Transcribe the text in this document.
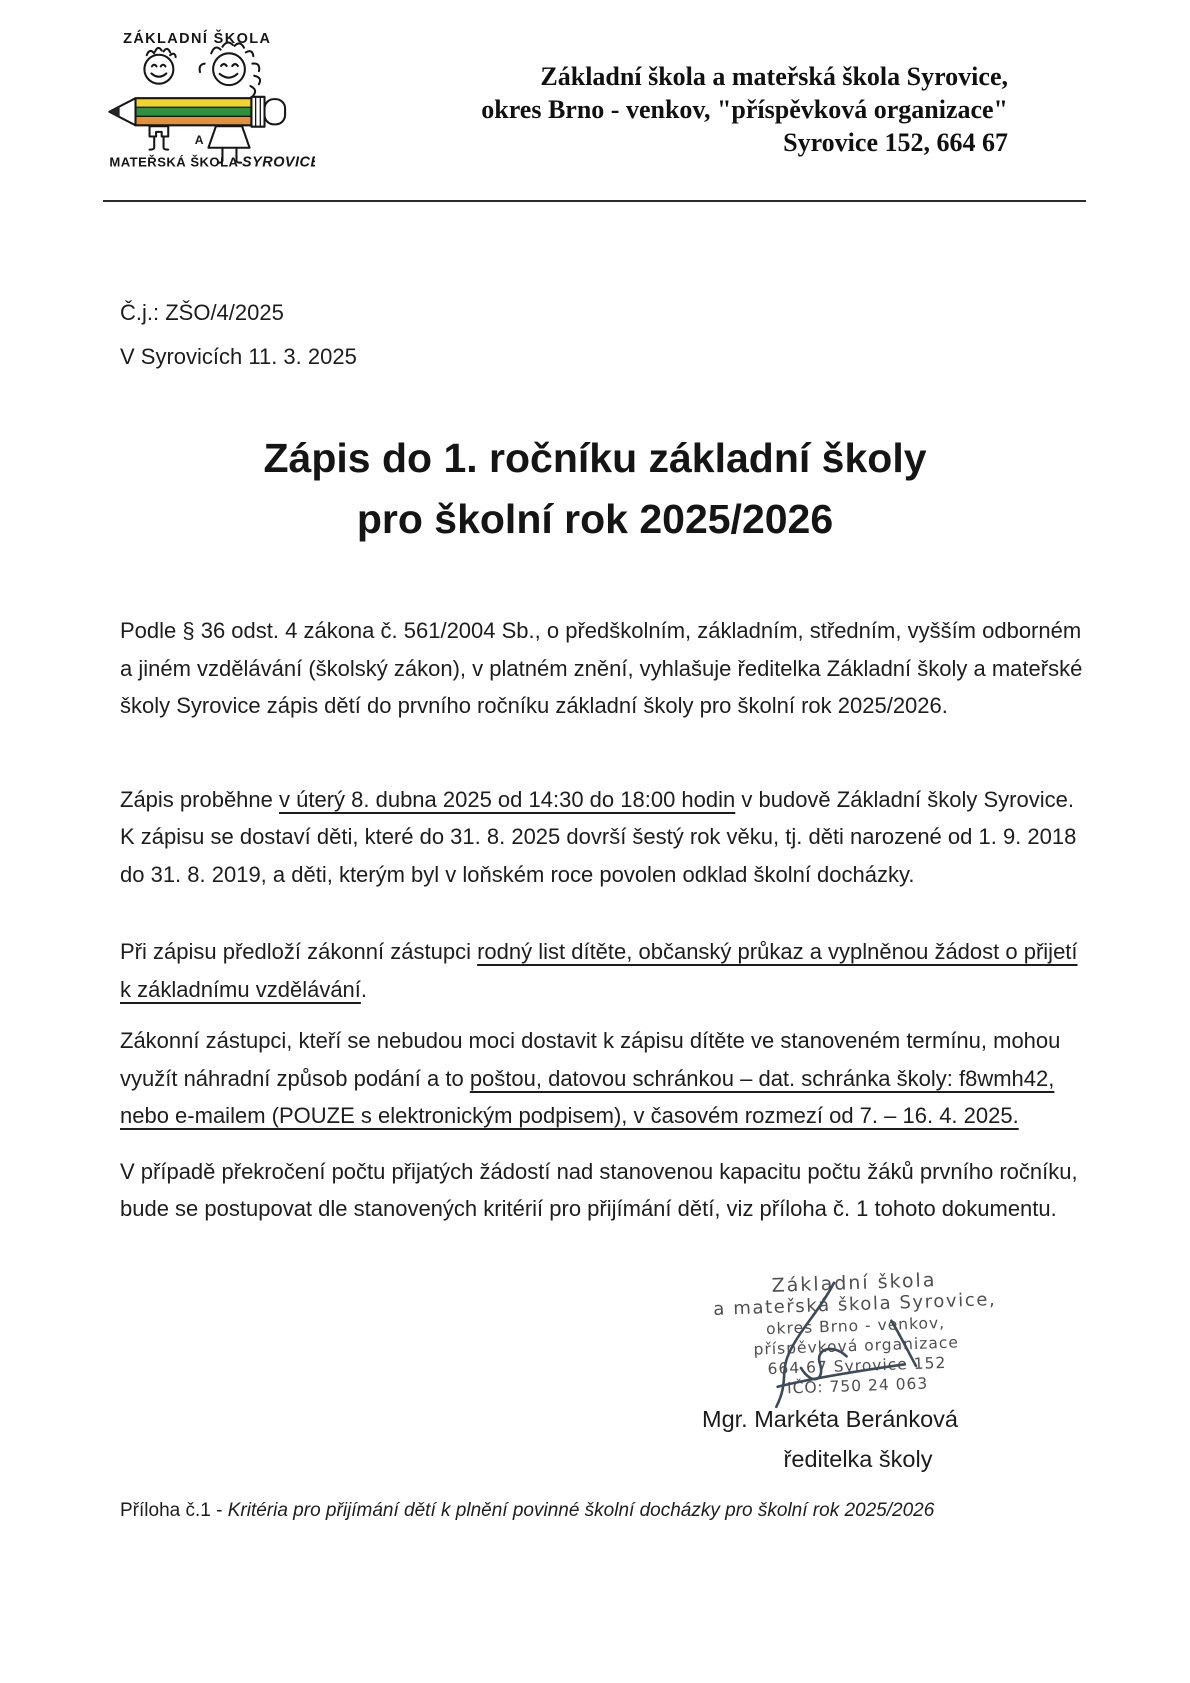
ZÁKLADNÍ ŠKOLA
A
MATEŘSKÁ ŠKOLA SYROVICE
Základní škola a mateřská škola Syrovice,
okres Brno - venkov, "příspěvková organizace"
Syrovice 152, 664 67
Č.j.: ZŠO/4/2025
V Syrovicích 11. 3. 2025
Zápis do 1. ročníku základní školy
pro školní rok 2025/2026

Podle § 36 odst. 4 zákona č. 561/2004 Sb., o předškolním, základním, středním, vyšším odborném a jiném vzdělávání (školský zákon), v platném znění, vyhlašuje ředitelka Základní školy a mateřské školy Syrovice zápis dětí do prvního ročníku základní školy pro školní rok 2025/2026.

Zápis proběhne v úterý 8. dubna 2025 od 14:30 do 18:00 hodin v budově Základní školy Syrovice.
K zápisu se dostaví děti, které do 31. 8. 2025 dovrší šestý rok věku, tj. děti narozené od 1. 9. 2018 do 31. 8. 2019, a děti, kterým byl v loňském roce povolen odklad školní docházky.

Při zápisu předloží zákonní zástupci rodný list dítěte, občanský průkaz a vyplněnou žádost o přijetí k základnímu vzdělávání.

Zákonní zástupci, kteří se nebudou moci dostavit k zápisu dítěte ve stanoveném termínu, mohou využít náhradní způsob podání a to poštou, datovou schránkou – dat. schránka školy: f8wmh42, nebo e-mailem (POUZE s elektronickým podpisem), v časovém rozmezí od 7. – 16. 4. 2025.

V případě překročení počtu přijatých žádostí nad stanovenou kapacitu počtu žáků prvního ročníku, bude se postupovat dle stanovených kritérií pro přijímání dětí, viz příloha č. 1 tohoto dokumentu.

Základní škola
a mateřská škola Syrovice,
okres Brno - venkov,
příspěvková organizace
664 67 Syrovice 152
IČO: 750 24 063
Mgr. Markéta Beránková
ředitelka školy
Příloha č.1 - Kritéria pro přijímání dětí k plnění povinné školní docházky pro školní rok 2025/2026
